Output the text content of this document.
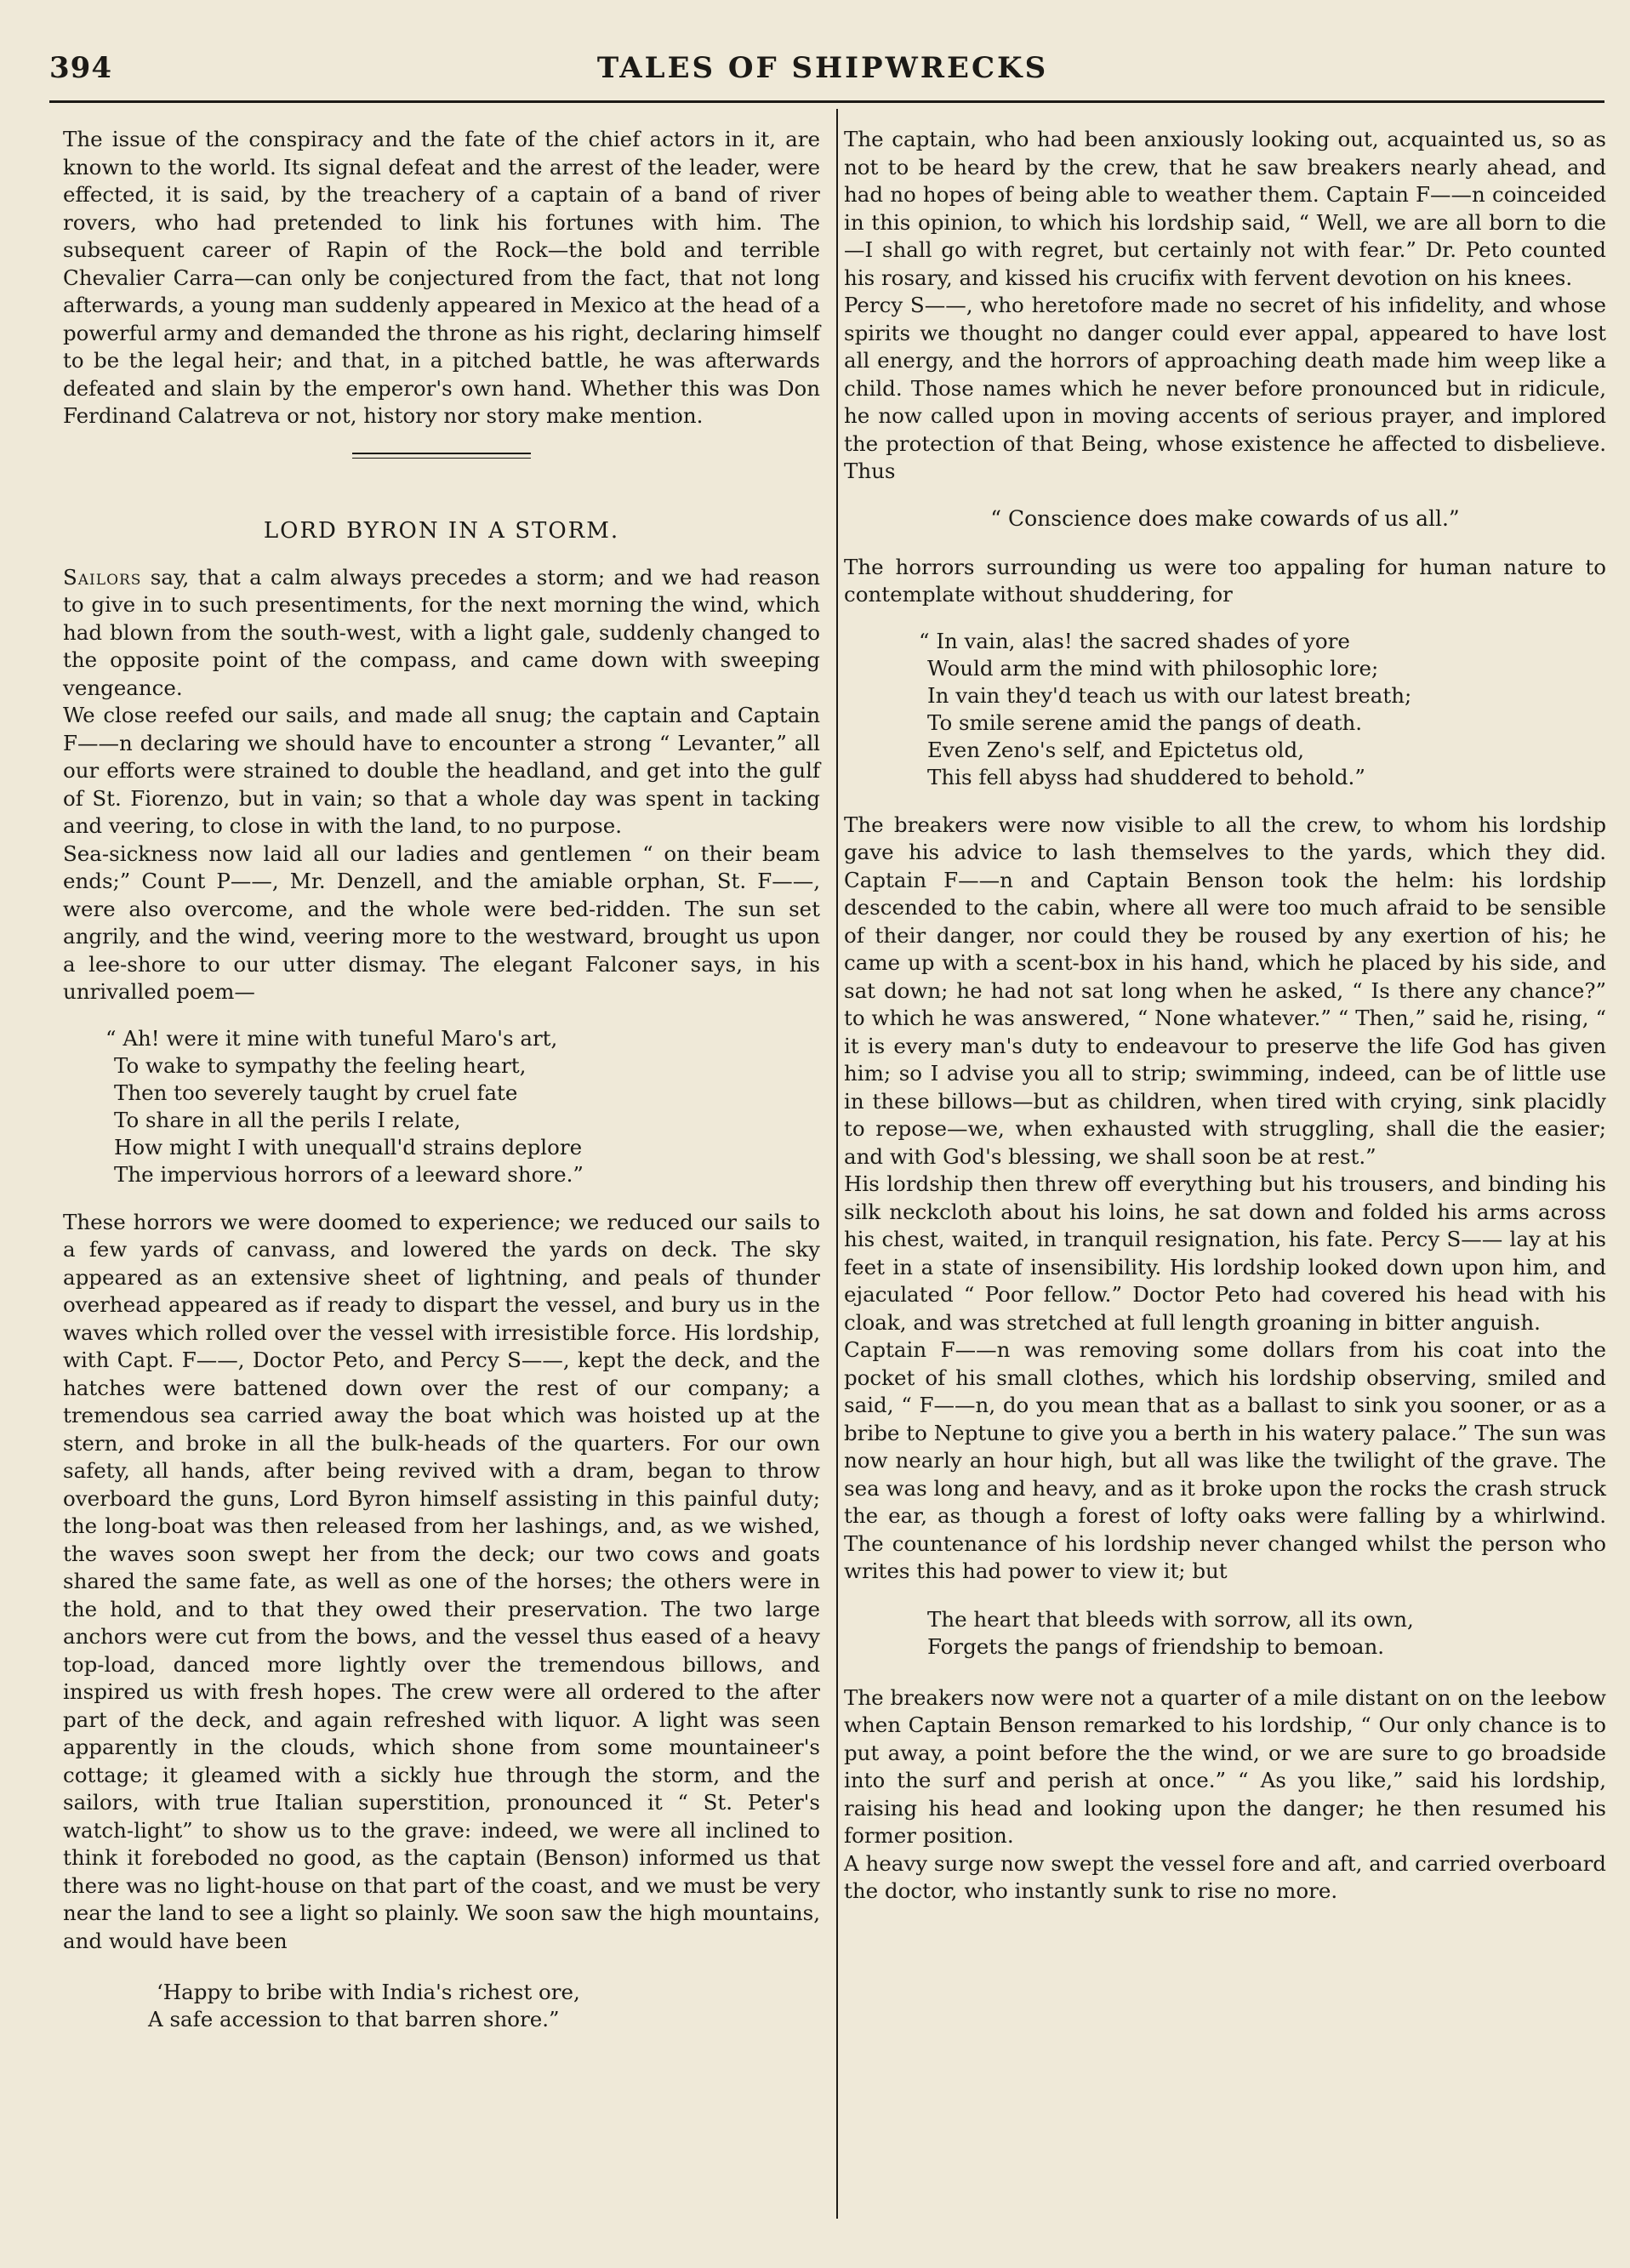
394	TALES OF SHIPWRECKS

The issue of the conspiracy and the fate of the chief actors in it, are known to the world. Its signal defeat and the arrest of the leader, were effected, it is said, by the treachery of a captain of a band of river rovers, who had pretended to link his fortunes with him. The subsequent career of Rapin of the Rock—the bold and terrible Chevalier Carra—can only be conjectured from the fact, that not long afterwards, a young man suddenly appeared in Mexico at the head of a powerful army and demanded the throne as his right, declaring himself to be the legal heir; and that, in a pitched battle, he was afterwards defeated and slain by the emperor's own hand. Whether this was Don Ferdinand Calatreva or not, history nor story make mention.

LORD BYRON IN A STORM.

Sailors say, that a calm always precedes a storm; and we had reason to give in to such presentiments, for the next morning the wind, which had blown from the south-west, with a light gale, suddenly changed to the opposite point of the compass, and came down with sweeping vengeance.

We close reefed our sails, and made all snug; the captain and Captain F——n declaring we should have to encounter a strong “ Levanter,” all our efforts were strained to double the headland, and get into the gulf of St. Fiorenzo, but in vain; so that a whole day was spent in tacking and veering, to close in with the land, to no purpose.

Sea-sickness now laid all our ladies and gentlemen “ on their beam ends;” Count P——, Mr. Denzell, and the amiable orphan, St. F——, were also overcome, and the whole were bed-ridden. The sun set angrily, and the wind, veering more to the westward, brought us upon a lee-shore to our utter dismay. The elegant Falconer says, in his unrivalled poem—

“ Ah! were it mine with tuneful Maro's art,
To wake to sympathy the feeling heart,
Then too severely taught by cruel fate
To share in all the perils I relate,
How might I with unequall'd strains deplore
The impervious horrors of a leeward shore.”

These horrors we were doomed to experience; we reduced our sails to a few yards of canvass, and lowered the yards on deck. The sky appeared as an extensive sheet of lightning, and peals of thunder overhead appeared as if ready to dispart the vessel, and bury us in the waves which rolled over the vessel with irresistible force. His lordship, with Capt. F——, Doctor Peto, and Percy S——, kept the deck, and the hatches were battened down over the rest of our company; a tremendous sea carried away the boat which was hoisted up at the stern, and broke in all the bulk-heads of the quarters. For our own safety, all hands, after being revived with a dram, began to throw overboard the guns, Lord Byron himself assisting in this painful duty; the long-boat was then released from her lashings, and, as we wished, the waves soon swept her from the deck; our two cows and goats shared the same fate, as well as one of the horses; the others were in the hold, and to that they owed their preservation. The two large anchors were cut from the bows, and the vessel thus eased of a heavy top-load, danced more lightly over the tremendous billows, and inspired us with fresh hopes. The crew were all ordered to the after part of the deck, and again refreshed with liquor. A light was seen apparently in the clouds, which shone from some mountaineer's cottage; it gleamed with a sickly hue through the storm, and the sailors, with true Italian superstition, pronounced it “ St. Peter's watch-light” to show us to the grave: indeed, we were all inclined to think it foreboded no good, as the captain (Benson) informed us that there was no light-house on that part of the coast, and we must be very near the land to see a light so plainly. We soon saw the high mountains, and would have been

‘Happy to bribe with India's richest ore,
A safe accession to that barren shore.”

The captain, who had been anxiously looking out, acquainted us, so as not to be heard by the crew, that he saw breakers nearly ahead, and had no hopes of being able to weather them. Captain F——n coinceided in this opinion, to which his lordship said, “ Well, we are all born to die—I shall go with regret, but certainly not with fear.” Dr. Peto counted his rosary, and kissed his crucifix with fervent devotion on his knees.

Percy S——, who heretofore made no secret of his infidelity, and whose spirits we thought no danger could ever appal, appeared to have lost all energy, and the horrors of approaching death made him weep like a child. Those names which he never before pronounced but in ridicule, he now called upon in moving accents of serious prayer, and implored the protection of that Being, whose existence he affected to disbelieve. Thus

“ Conscience does make cowards of us all.”

The horrors surrounding us were too appaling for human nature to contemplate without shuddering, for

“ In vain, alas! the sacred shades of yore
Would arm the mind with philosophic lore;
In vain they'd teach us with our latest breath;
To smile serene amid the pangs of death.
Even Zeno's self, and Epictetus old,
This fell abyss had shuddered to behold.”

The breakers were now visible to all the crew, to whom his lordship gave his advice to lash themselves to the yards, which they did. Captain F——n and Captain Benson took the helm: his lordship descended to the cabin, where all were too much afraid to be sensible of their danger, nor could they be roused by any exertion of his; he came up with a scent-box in his hand, which he placed by his side, and sat down; he had not sat long when he asked, “ Is there any chance?” to which he was answered, “ None whatever.” “ Then,” said he, rising, “ it is every man's duty to endeavour to preserve the life God has given him; so I advise you all to strip; swimming, indeed, can be of little use in these billows—but as children, when tired with crying, sink placidly to repose—we, when exhausted with struggling, shall die the easier; and with God's blessing, we shall soon be at rest.”

His lordship then threw off everything but his trousers, and binding his silk neckcloth about his loins, he sat down and folded his arms across his chest, waited, in tranquil resignation, his fate. Percy S—— lay at his feet in a state of insensibility. His lordship looked down upon him, and ejaculated “ Poor fellow.” Doctor Peto had covered his head with his cloak, and was stretched at full length groaning in bitter anguish.

Captain F——n was removing some dollars from his coat into the pocket of his small clothes, which his lordship observing, smiled and said, “ F——n, do you mean that as a ballast to sink you sooner, or as a bribe to Neptune to give you a berth in his watery palace.” The sun was now nearly an hour high, but all was like the twilight of the grave. The sea was long and heavy, and as it broke upon the rocks the crash struck the ear, as though a forest of lofty oaks were falling by a whirlwind. The countenance of his lordship never changed whilst the person who writes this had power to view it; but

The heart that bleeds with sorrow, all its own,
Forgets the pangs of friendship to bemoan.

The breakers now were not a quarter of a mile distant on on the leebow when Captain Benson remarked to his lordship, “ Our only chance is to put away, a point before the the wind, or we are sure to go broadside into the surf and perish at once.” “ As you like,” said his lordship, raising his head and looking upon the danger; he then resumed his former position.

A heavy surge now swept the vessel fore and aft, and carried overboard the doctor, who instantly sunk to rise no more.
